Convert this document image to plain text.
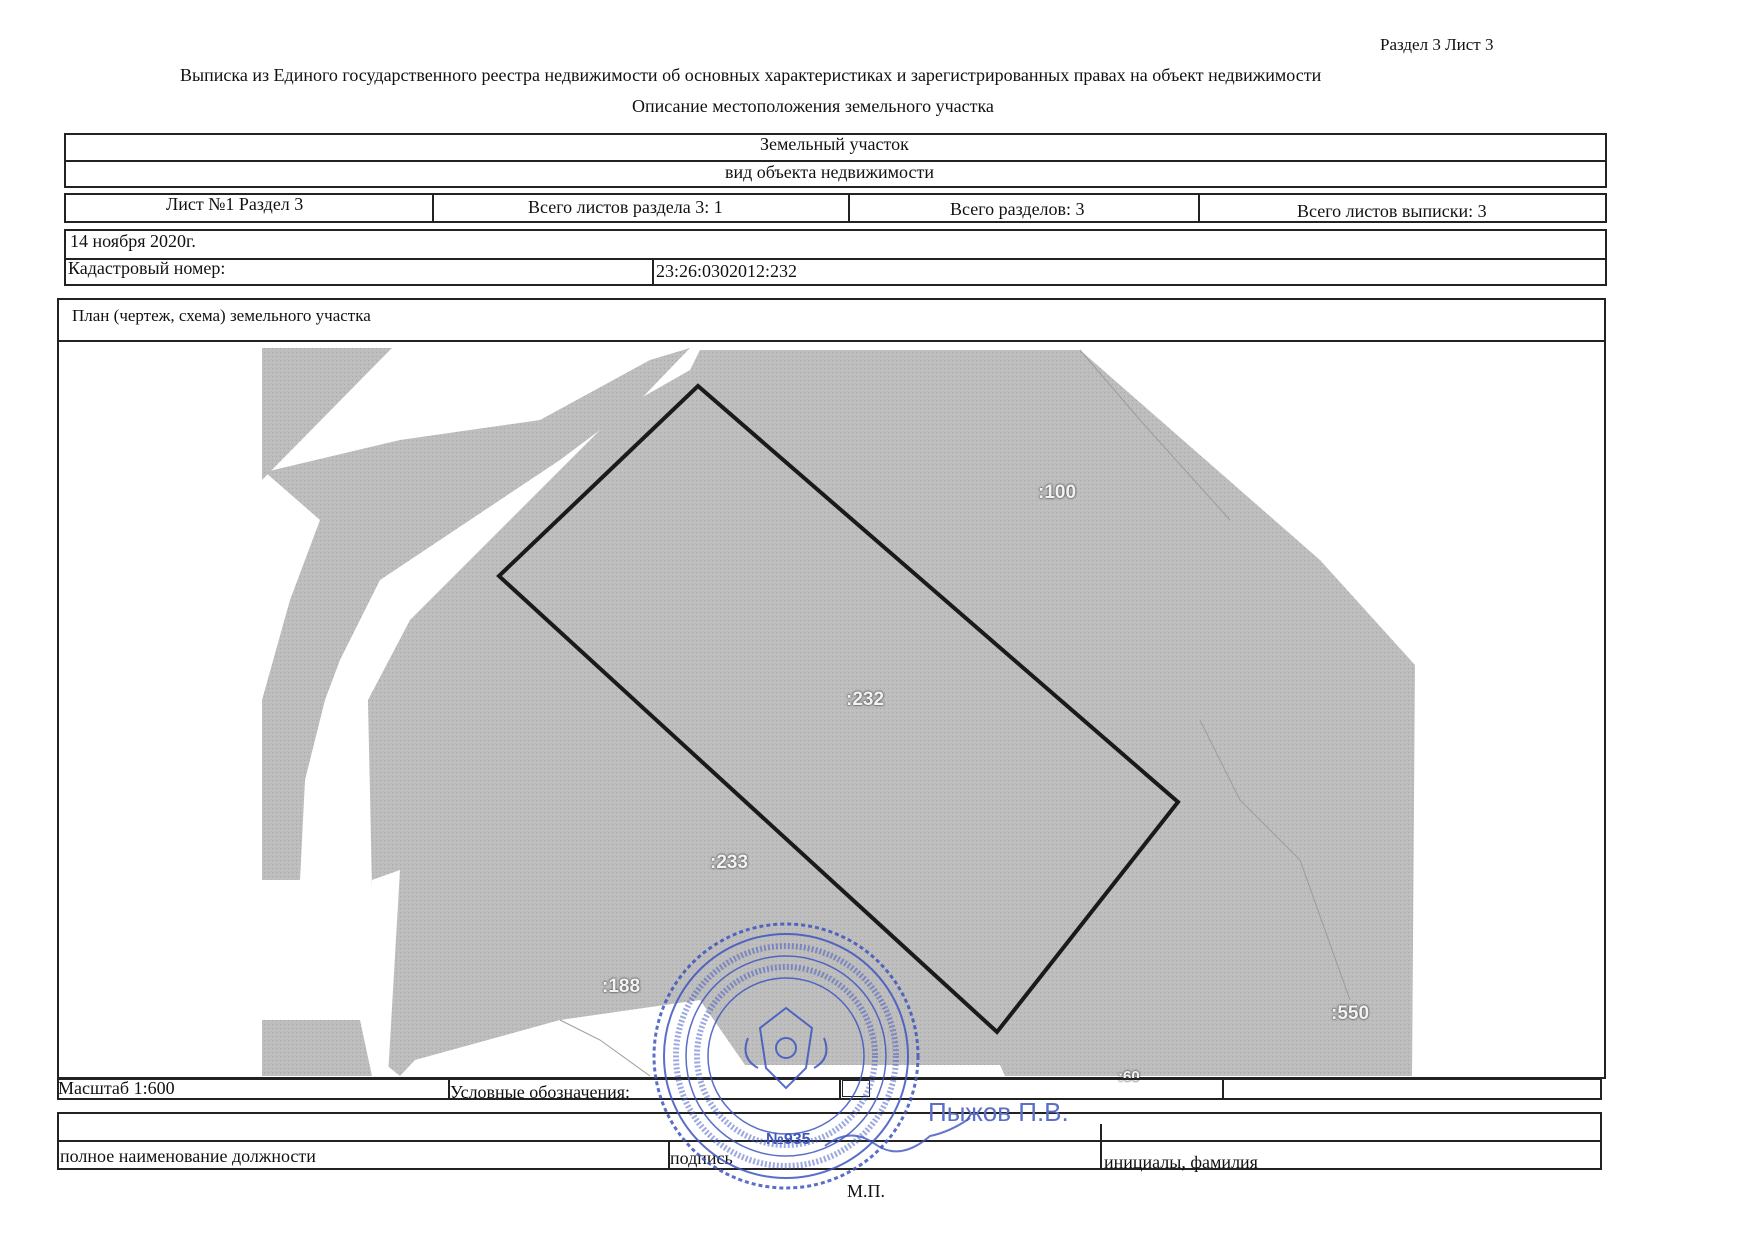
Раздел 3 Лист 3
Выписка из Единого государственного реестра недвижимости об основных характеристиках и зарегистрированных правах на объект недвижимости
Описание местоположения земельного участка
Земельный участок
вид объекта недвижимости
Лист №1 Раздел 3	Всего листов раздела 3: 1	Всего разделов: 3	Всего листов выписки: 3
14 ноября 2020г.
Кадастровый номер:	23:26:0302012:232
План (чертеж, схема) земельного участка
:100
:232
:233
:188
:550
:60
Масштаб 1:600	Условные обозначения:
полное наименование должности	подпись	инициалы, фамилия
Пыжов П.В.
М.П.
№935
